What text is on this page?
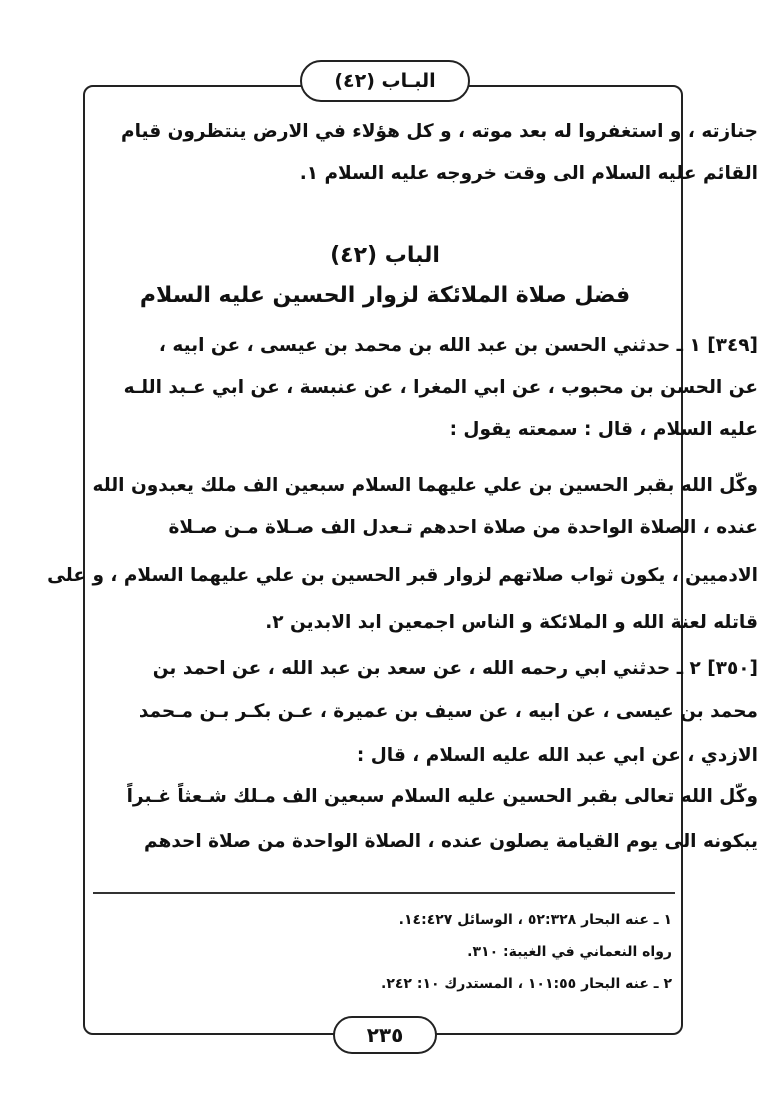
البـاب (٤٢)
جنازته ، و استغفروا له بعد موته ، و كل هؤلاء في الارض ينتظرون قيام
القائم عليه السلام الى وقت خروجه عليه السلام ١.
الباب (٤٢)
فضل صلاة الملائكة لزوار الحسين عليه السلام
[٣٤٩] ١ ـ حدثني الحسن بن عبد الله بن محمد بن عيسى ، عن ابيه ،
عن الحسن بن محبوب ، عن ابي المغرا ، عن عنبسة ، عن ابي عـبد اللـه
عليه السلام ، قال : سمعته يقول :
وكّل الله بقبر الحسين بن علي عليهما السلام سبعين الف ملك يعبدون الله
عنده ، الصلاة الواحدة من صلاة احدهم تـعدل الف صـلاة مـن صـلاة
الادميين ، يكون ثواب صلاتهم لزوار قبر الحسين بن علي عليهما السلام ، و على
قاتله لعنة الله و الملائكة و الناس اجمعين ابد الابدين ٢.
[٣٥٠] ٢ ـ حدثني ابي رحمه الله ، عن سعد بن عبد الله ، عن احمد بن
محمد بن عيسى ، عن ابيه ، عن سيف بن عميرة ، عـن بكـر بـن مـحمد
الازدي ، عن ابي عبد الله عليه السلام ، قال :
وكّل الله تعالى بقبر الحسين عليه السلام سبعين الف مـلك شـعثاً غـبراً
يبكونه الى يوم القيامة يصلون عنده ، الصلاة الواحدة من صلاة احدهم
١ ـ عنه البحار ٥٢:٣٢٨ ، الوسائل ١٤:٤٢٧.
رواه النعماني في الغيبة: ٣١٠.
٢ ـ عنه البحار ١٠١:٥٥ ، المستدرك ١٠: ٢٤٢.
٢٣٥
